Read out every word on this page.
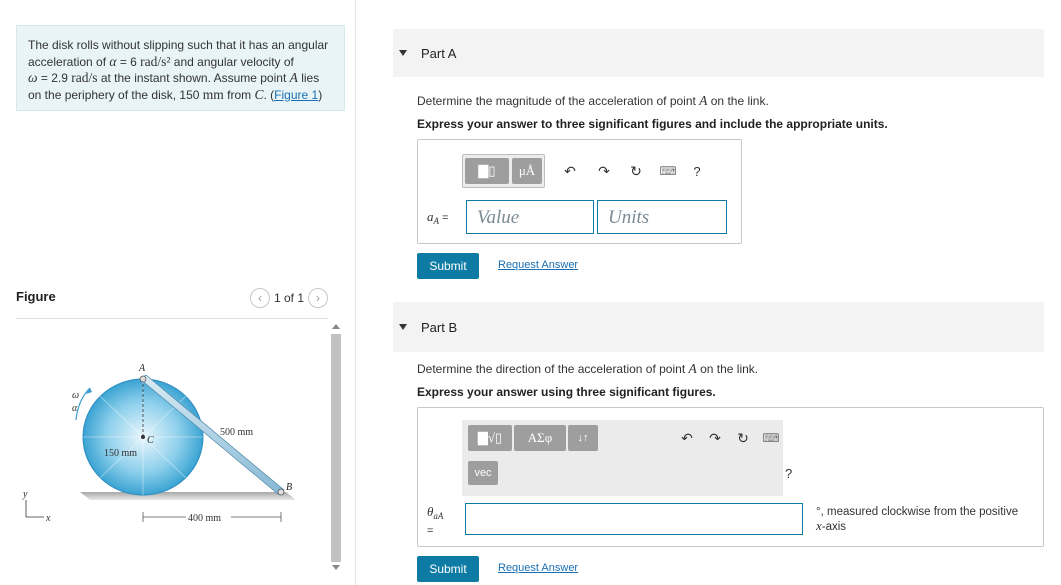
The disk rolls without slipping such that it has an angular
acceleration of α = 6 rad/s² and angular velocity of
ω = 2.9 rad/s at the instant shown. Assume point A lies
on the periphery of the disk, 150 mm from C. (Figure 1)
Figure	‹	1 of 1	›
A
B
C
ω
α
500 mm
150 mm
400 mm
y
x
Part A
Determine the magnitude of the acceleration of point A on the link.
Express your answer to three significant figures and include the appropriate units.
▇▯	μÅ	↶	↷	↻	⌨	?
$a_A$ =	Value	Units
Submit	Request Answer
Part B
Determine the direction of the acceleration of point A on the link.
Express your answer using three significant figures.
▇√▯	ΑΣφ	↓↑
vec
↶	↷	↻	⌨
?
$\theta_{aA}$
=
°, measured clockwise from the positive
x-axis
Submit	Request Answer
